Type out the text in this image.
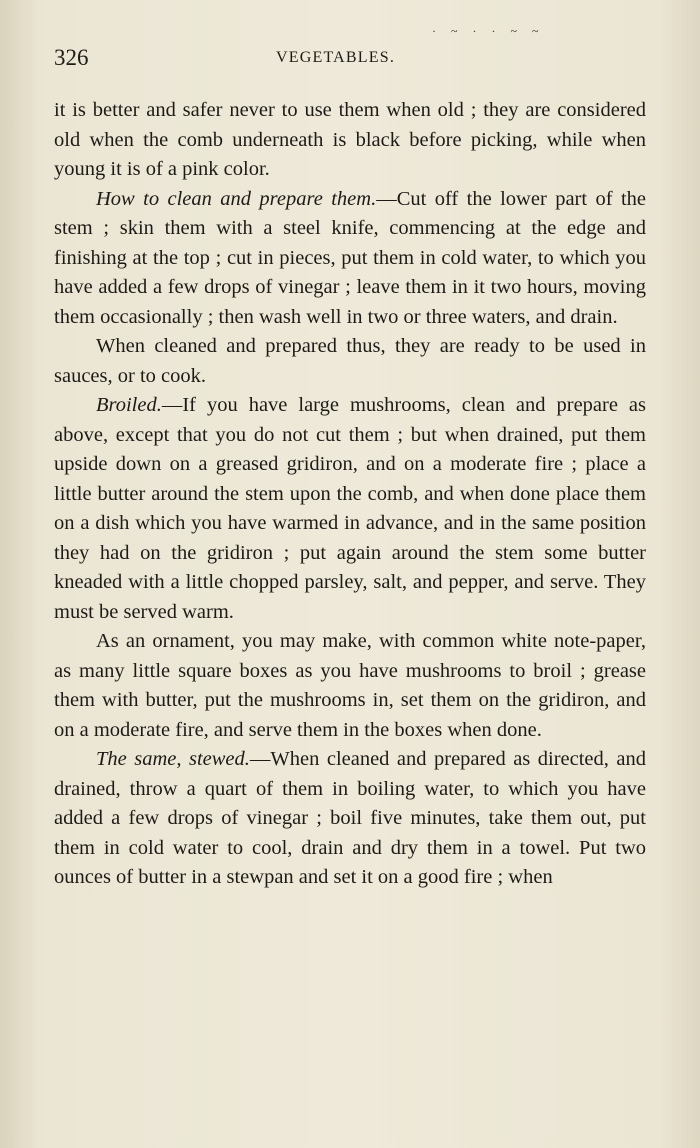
· ~ · · ~ ~
326	VEGETABLES.

it is better and safer never to use them when old ; they are considered old when the comb underneath is black before picking, while when young it is of a pink color.

How to clean and prepare them.—Cut off the lower part of the stem ; skin them with a steel knife, commencing at the edge and finishing at the top ; cut in pieces, put them in cold water, to which you have added a few drops of vinegar ; leave them in it two hours, moving them occasionally ; then wash well in two or three waters, and drain.

When cleaned and prepared thus, they are ready to be used in sauces, or to cook.

Broiled.—If you have large mushrooms, clean and prepare as above, except that you do not cut them ; but when drained, put them upside down on a greased gridiron, and on a moderate fire ; place a little butter around the stem upon the comb, and when done place them on a dish which you have warmed in advance, and in the same position they had on the gridiron ; put again around the stem some butter kneaded with a little chopped parsley, salt, and pepper, and serve. They must be served warm.

As an ornament, you may make, with common white note-paper, as many little square boxes as you have mushrooms to broil ; grease them with butter, put the mushrooms in, set them on the gridiron, and on a moderate fire, and serve them in the boxes when done.

The same, stewed.—When cleaned and prepared as directed, and drained, throw a quart of them in boiling water, to which you have added a few drops of vinegar ; boil five minutes, take them out, put them in cold water to cool, drain and dry them in a towel. Put two ounces of butter in a stewpan and set it on a good fire ; when
